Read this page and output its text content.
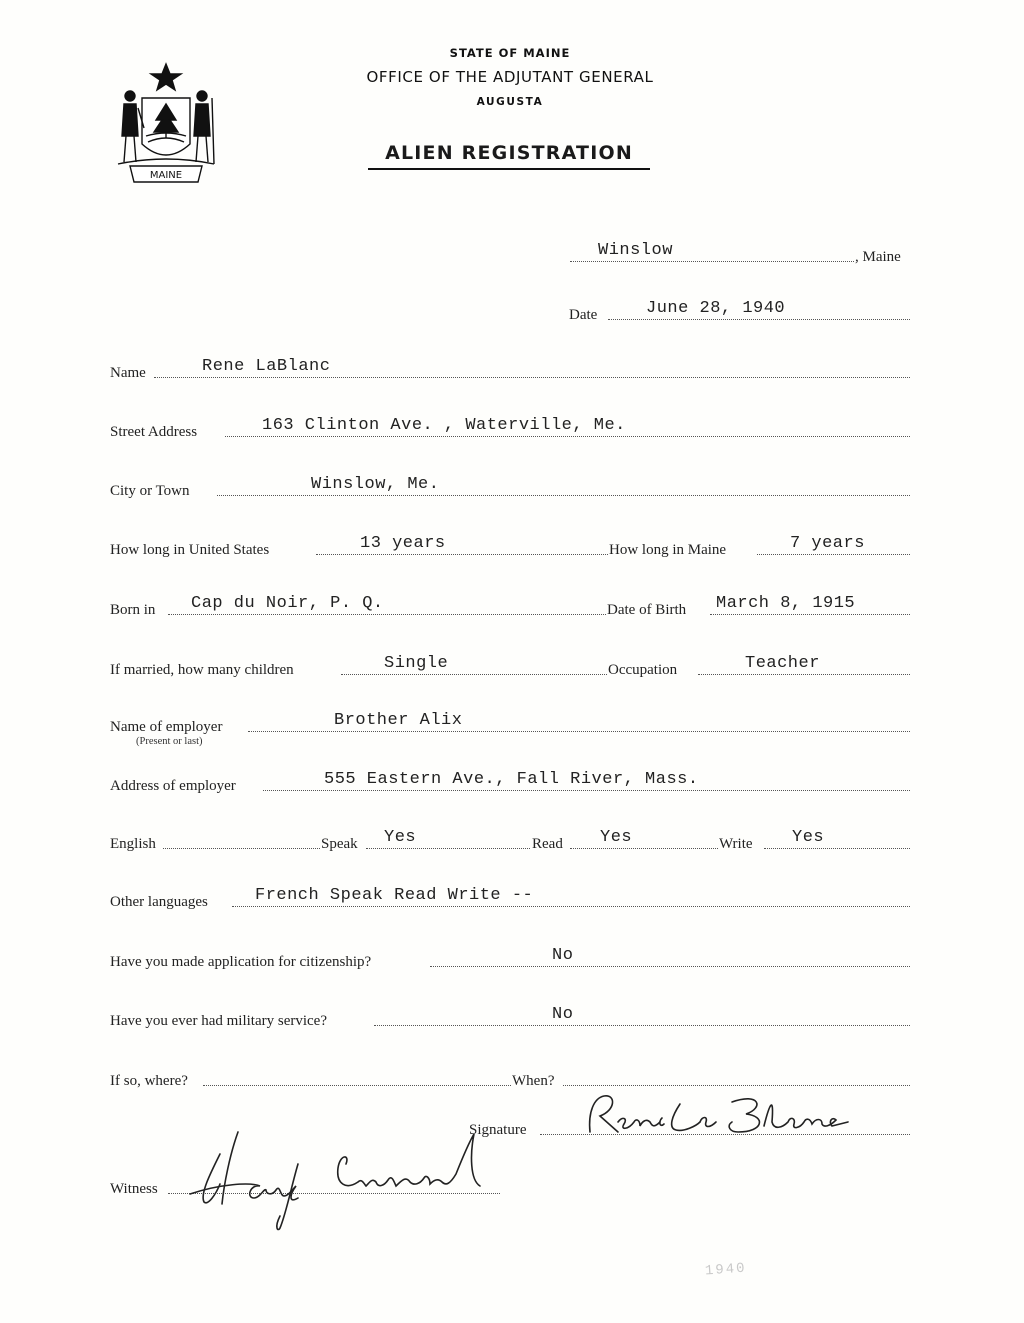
MAINE
STATE OF MAINE
OFFICE OF THE ADJUTANT GENERAL
AUGUSTA
ALIEN REGISTRATION
Winslow	, Maine
Date	June 28, 1940
Name	Rene LaBlanc
Street Address	163 Clinton Ave. , Waterville, Me.
City or Town	Winslow, Me.
How long in United States	13 years	How long in Maine	7 years
Born in Cap du Noir, P. Q.	Date of Birth March 8, 1915
If married, how many children	Single	Occupation	Teacher
Name of employer
(Present or last)
Brother Alix
Address of employer	555 Eastern Ave., Fall River, Mass.
English	Speak Yes	Read Yes	Write Yes
Other languages	French Speak Read Write --
Have you made application for citizenship?	No
Have you ever had military service?	No
If so, where?	When?
Signature
Witness
1940
